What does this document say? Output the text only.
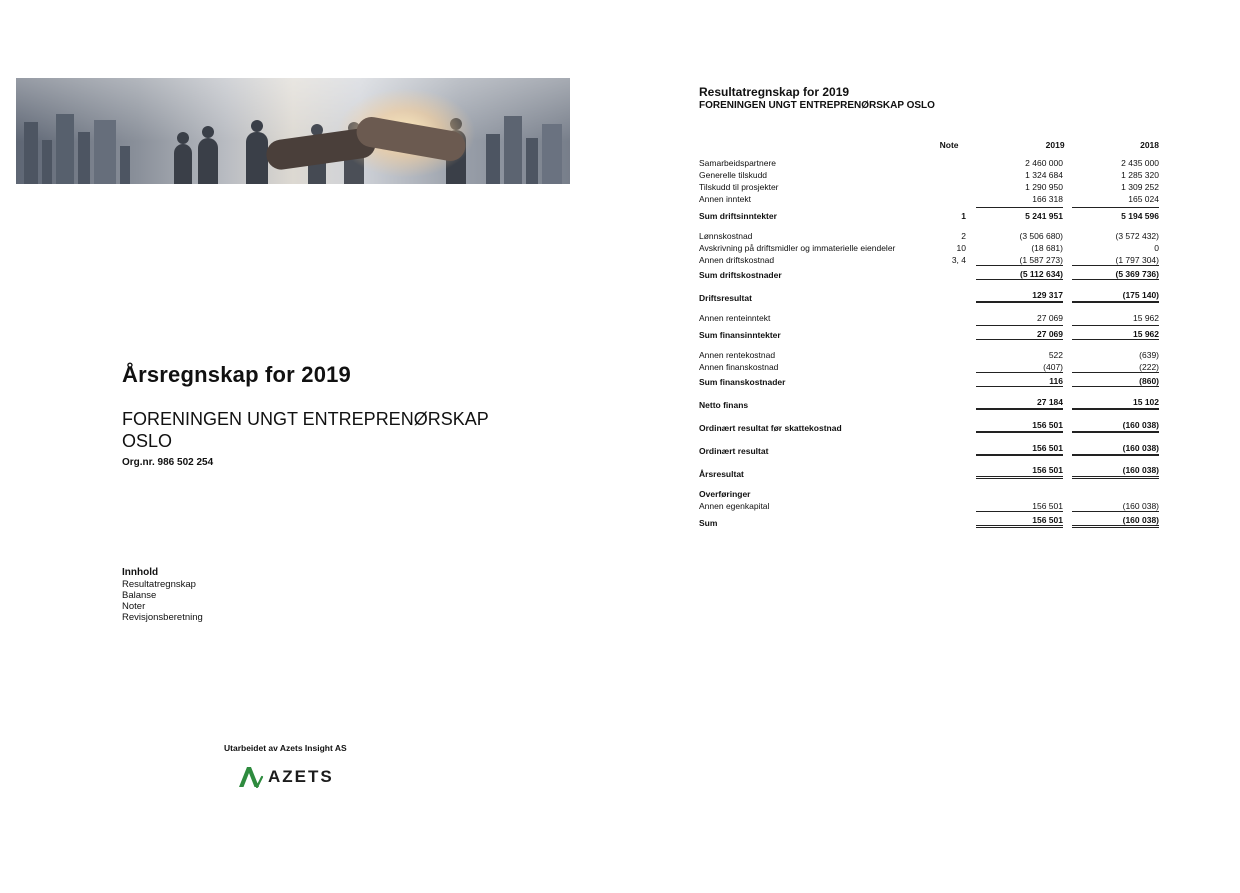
Årsregnskap for 2019
FORENINGEN UNGT ENTREPRENØRSKAP OSLO

Org.nr. 986 502 254

Innhold
Resultatregnskap
Balanse
Noter
Revisjonsberetning

Utarbeidet av Azets Insight AS

AZETS
Resultatregnskap for 2019
FORENINGEN UNGT ENTREPRENØRSKAP OSLO
Note	2019	2018
Samarbeidspartnere	2 460 000	2 435 000
Generelle tilskudd	1 324 684	1 285 320
Tilskudd til prosjekter	1 290 950	1 309 252
Annen inntekt	166 318	165 024
Sum driftsinntekter	1	5 241 951	5 194 596
Lønnskostnad	2	(3 506 680)	(3 572 432)
Avskrivning på driftsmidler og immaterielle eiendeler	10	(18 681)	0
Annen driftskostnad	3, 4	(1 587 273)	(1 797 304)
Sum driftskostnader	(5 112 634)	(5 369 736)
Driftsresultat	129 317	(175 140)
Annen renteinntekt	27 069	15 962
Sum finansinntekter	27 069	15 962
Annen rentekostnad	522	(639)
Annen finanskostnad	(407)	(222)
Sum finanskostnader	116	(860)
Netto finans	27 184	15 102
Ordinært resultat før skattekostnad	156 501	(160 038)
Ordinært resultat	156 501	(160 038)
Årsresultat	156 501	(160 038)
Overføringer
Annen egenkapital	156 501	(160 038)
Sum	156 501	(160 038)
